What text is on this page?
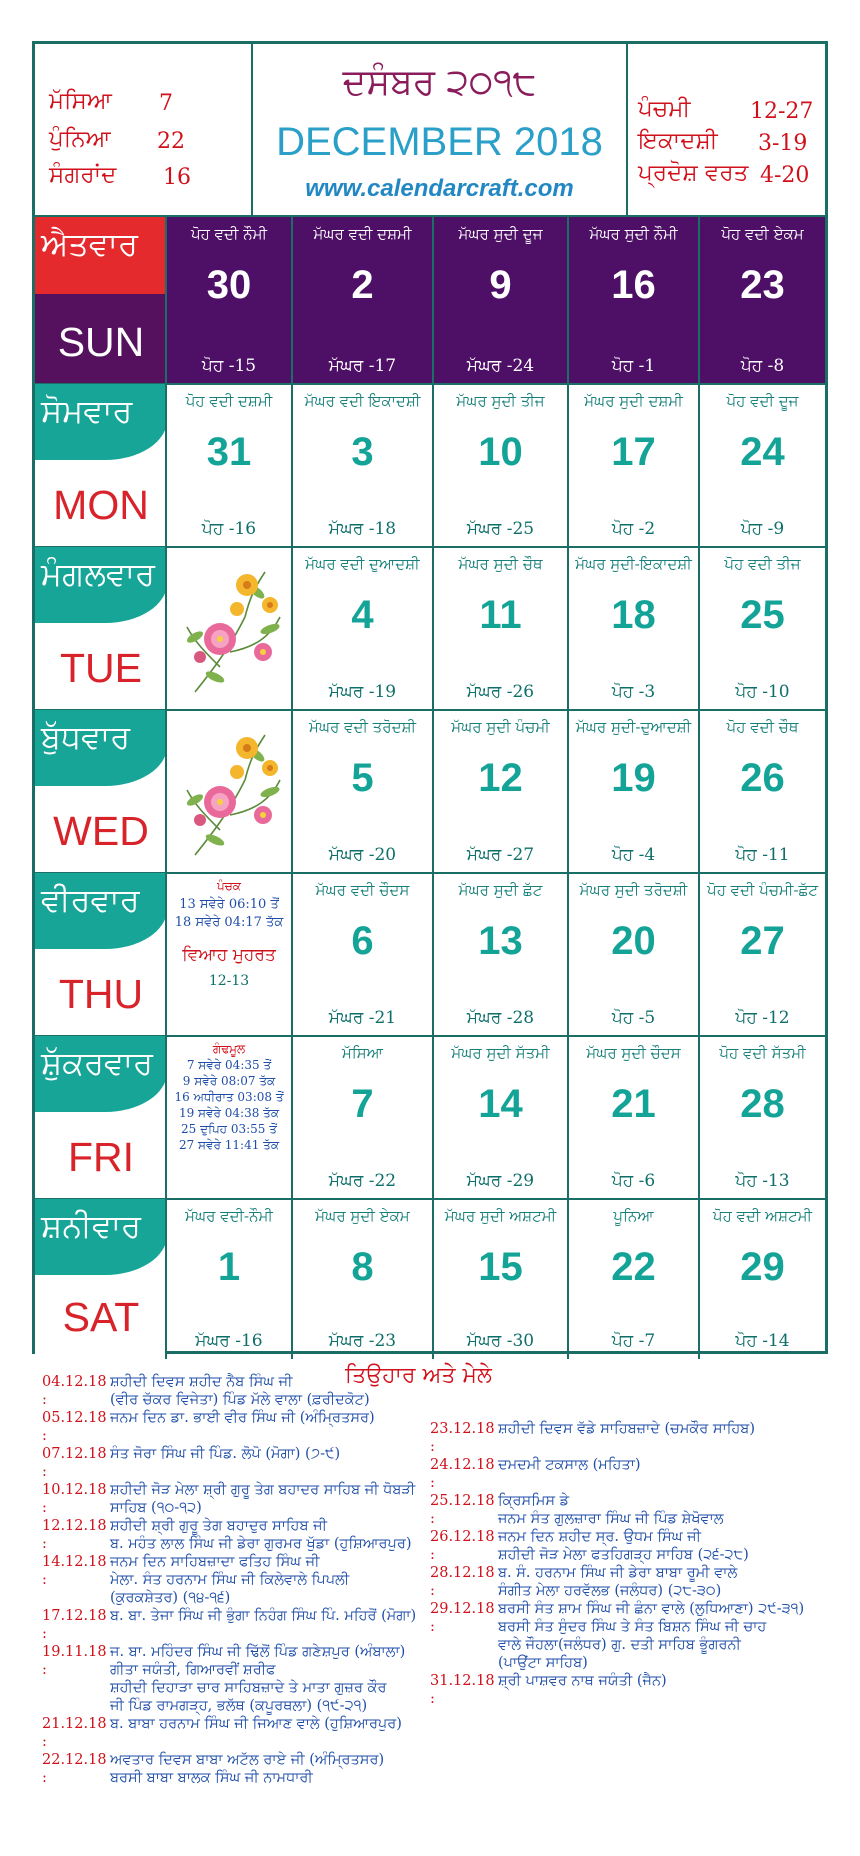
ਮੱਸਿਆ 7
ਪੁੰਨਿਆ 22
ਸੰਗਰਾਂਦ 16
ਦਸੰਬਰ ੨੦੧੮
DECEMBER 2018
www.calendarcraft.com
ਪੰਚਮੀ	12-27
ਇਕਾਦਸ਼ੀ 3-19
ਪ੍ਰਦੋਸ਼ ਵਰਤ 4-20
ਐਤਵਾਰ
SUN
ਪੋਹ ਵਦੀ ਨੌਮੀ
30
ਪੋਹ -15
ਮੱਘਰ ਵਦੀ ਦਸ਼ਮੀ
2
ਮੱਘਰ -17
ਮੱਘਰ ਸੁਦੀ ਦੂਜ
9
ਮੱਘਰ -24
ਮੱਘਰ ਸੁਦੀ ਨੌਮੀ
16
ਪੋਹ -1
ਪੋਹ ਵਦੀ ਏਕਮ
23
ਪੋਹ -8
ਸੋਮਵਾਰ
MON
ਪੋਹ ਵਦੀ ਦਸ਼ਮੀ
31
ਪੋਹ -16
ਮੱਘਰ ਵਦੀ ਇਕਾਦਸ਼ੀ
3
ਮੱਘਰ -18
ਮੱਘਰ ਸੁਦੀ ਤੀਜ
10
ਮੱਘਰ -25
ਮੱਘਰ ਸੁਦੀ ਦਸ਼ਮੀ
17
ਪੋਹ -2
ਪੋਹ ਵਦੀ ਦੂਜ
24
ਪੋਹ -9
ਮੰਗਲਵਾਰ
TUE
ਮੱਘਰ ਵਦੀ ਦੁਆਦਸ਼ੀ
4
ਮੱਘਰ -19
ਮੱਘਰ ਸੁਦੀ ਚੌਥ
11
ਮੱਘਰ -26
ਮੱਘਰ ਸੁਦੀ-ਇਕਾਦਸ਼ੀ
18
ਪੋਹ -3
ਪੋਹ ਵਦੀ ਤੀਜ
25
ਪੋਹ -10
ਬੁੱਧਵਾਰ
WED
ਮੱਘਰ ਵਦੀ ਤਰੋਦਸ਼ੀ
5
ਮੱਘਰ -20
ਮੱਘਰ ਸੁਦੀ ਪੰਚਮੀ
12
ਮੱਘਰ -27
ਮੱਘਰ ਸੁਦੀ-ਦੁਆਦਸ਼ੀ
19
ਪੋਹ -4
ਪੋਹ ਵਦੀ ਚੌਥ
26
ਪੋਹ -11
ਵੀਰਵਾਰ
THU
ਪੰਚਕ
13 ਸਵੇਰੇ 06:10 ਤੋਂ
18 ਸਵੇਰੇ 04:17 ਤੱਕ
ਵਿਆਹ ਮੁਹਰਤ
12-13
ਮੱਘਰ ਵਦੀ ਚੌਦਸ
6
ਮੱਘਰ -21
ਮੱਘਰ ਸੁਦੀ ਛੱਟ
13
ਮੱਘਰ -28
ਮੱਘਰ ਸੁਦੀ ਤਰੋਦਸ਼ੀ
20
ਪੋਹ -5
ਪੋਹ ਵਦੀ ਪੰਚਮੀ-ਛੱਟ
27
ਪੋਹ -12
ਸ਼ੁੱਕਰਵਾਰ
FRI
ਗੰਢਮੂਲ
7 ਸਵੇਰੇ 04:35 ਤੋਂ
9 ਸਵੇਰੇ 08:07 ਤੱਕ
16 ਅਧੀਰਾਤ 03:08 ਤੋਂ
19 ਸਵੇਰੇ 04:38 ਤੱਕ
25 ਦੁਪਿਹ 03:55 ਤੋਂ
27 ਸਵੇਰੇ 11:41 ਤੱਕ
ਮੱਸਿਆ
7
ਮੱਘਰ -22
ਮੱਘਰ ਸੁਦੀ ਸੱਤਮੀ
14
ਮੱਘਰ -29
ਮੱਘਰ ਸੁਦੀ ਚੌਦਸ
21
ਪੋਹ -6
ਪੋਹ ਵਦੀ ਸੱਤਮੀ
28
ਪੋਹ -13
ਸ਼ਨੀਵਾਰ
SAT
ਮੱਘਰ ਵਦੀ-ਨੌਮੀ
1
ਮੱਘਰ -16
ਮੱਘਰ ਸੁਦੀ ਏਕਮ
8
ਮੱਘਰ -23
ਮੱਘਰ ਸੁਦੀ ਅਸ਼ਟਮੀ
15
ਮੱਘਰ -30
ਪੂਨਿਆ
22
ਪੋਹ -7
ਪੋਹ ਵਦੀ ਅਸ਼ਟਮੀ
29
ਪੋਹ -14
ਤਿਉਹਾਰ ਅਤੇ ਮੇਲੇ
04.12.18 :
ਸ਼ਹੀਦੀ ਦਿਵਸ ਸ਼ਹੀਦ ਨੈਬ ਸਿੰਘ ਜੀ
(ਵੀਰ ਚੱਕਰ ਵਿਜੇਤਾ) ਪਿੰਡ ਮੱਲੇ ਵਾਲਾ (ਫ਼ਰੀਦਕੋਟ)
05.12.18 :
ਜਨਮ ਦਿਨ ਡਾ. ਭਾਈ ਵੀਰ ਸਿੰਘ ਜੀ (ਅੰਮ੍ਰਿਤਸਰ)
07.12.18 :
ਸੰਤ ਜੋਰਾ ਸਿੰਘ ਜੀ ਪਿੰਡ. ਲੋਪੋ (ਮੋਗਾ) (੭-੯)
10.12.18 :
ਸ਼ਹੀਦੀ ਜੋੜ ਮੇਲਾ ਸ਼੍ਰੀ ਗੁਰੂ ਤੇਗ ਬਹਾਦਰ ਸਾਹਿਬ ਜੀ ਧੋਬੜੀ
ਸਾਹਿਬ (੧੦-੧੨)
12.12.18 :
ਸ਼ਹੀਦੀ ਸ਼੍ਰੀ ਗੁਰੂ ਤੇਗ ਬਹਾਦੁਰ ਸਾਹਿਬ ਜੀ
ਬ. ਮਹੰਤ ਲਾਲ ਸਿੰਘ ਜੀ ਡੇਰਾ ਗੁਰਮਰ ਖੁੱਡਾ (ਹੁਸ਼ਿਆਰਪੁਰ)
14.12.18 :
ਜਨਮ ਦਿਨ ਸਾਹਿਬਜ਼ਾਦਾ ਫਤਿਹ ਸਿੰਘ ਜੀ
ਮੇਲਾ. ਸੰਤ ਹਰਨਾਮ ਸਿੰਘ ਜੀ ਕਿਲੇਵਾਲੇ ਪਿਪਲੀ
(ਕੁਰਕਸ਼ੇਤਰ) (੧੪-੧੬)
17.12.18 :
ਬ. ਬਾ. ਤੇਜਾ ਸਿੰਘ ਜੀ ਭੁੰਗਾ ਨਿਹੰਗ ਸਿੰਘ ਪਿੰ. ਮਹਿਰੋਂ (ਮੋਗਾ)
19.11.18 :
ਜ. ਬਾ. ਮਹਿੰਦਰ ਸਿੰਘ ਜੀ ਢਿੱਲੋਂ ਪਿੰਡ ਗਣੇਸ਼ਪੁਰ (ਅੰਬਾਲਾ)
ਗੀਤਾ ਜਯੰਤੀ, ਗਿਆਰਵੀਂ ਸ਼ਰੀਫ
ਸ਼ਹੀਦੀ ਦਿਹਾੜਾ ਚਾਰ ਸਾਹਿਬਜ਼ਾਦੇ ਤੇ ਮਾਤਾ ਗੁਜ਼ਰ ਕੌਰ
ਜੀ ਪਿੰਡ ਰਾਮਗੜ੍ਹ, ਭਲੱਥ (ਕਪੂਰਥਲਾ) (੧੯-੨੧)
21.12.18 :
ਬ. ਬਾਬਾ ਹਰਨਾਮ ਸਿੰਘ ਜੀ ਜਿਆਣ ਵਾਲੇ (ਹੁਸ਼ਿਆਰਪੁਰ)
22.12.18 :
ਅਵਤਾਰ ਦਿਵਸ ਬਾਬਾ ਅਟੱਲ ਰਾਏ ਜੀ (ਅੰਮ੍ਰਿਤਸਰ)
ਬਰਸੀ ਬਾਬਾ ਬਾਲਕ ਸਿੰਘ ਜੀ ਨਾਮਧਾਰੀ
23.12.18 :
ਸ਼ਹੀਦੀ ਦਿਵਸ ਵੱਡੇ ਸਾਹਿਬਜ਼ਾਦੇ (ਚਮਕੌਰ ਸਾਹਿਬ)
24.12.18 :
ਦਮਦਮੀ ਟਕਸਾਲ (ਮਹਿਤਾ)
25.12.18 :
ਕ੍ਰਿਸਮਿਸ ਡੇ
ਜਨਮ ਸੰਤ ਗੁਲਜ਼ਾਰਾ ਸਿੰਘ ਜੀ ਪਿੰਡ ਸ਼ੇਖੋਵਾਲ
26.12.18 :
ਜਨਮ ਦਿਨ ਸ਼ਹੀਦ ਸ੍ਰ. ਉਧਮ ਸਿੰਘ ਜੀ
ਸ਼ਹੀਦੀ ਜੋੜ ਮੇਲਾ ਫਤਹਿਗੜ੍ਹ ਸਾਹਿਬ (੨੬-੨੮)
28.12.18 :
ਬ. ਸੰ. ਹਰਨਾਮ ਸਿੰਘ ਜੀ ਡੇਰਾ ਬਾਬਾ ਰੂਮੀ ਵਾਲੇ
ਸੰਗੀਤ ਮੇਲਾ ਹਰਵੱਲਭ (ਜਲੰਧਰ) (੨੮-੩੦)
29.12.18 :
ਬਰਸੀ ਸੰਤ ਸ਼ਾਮ ਸਿੰਘ ਜੀ ਛੰਨਾ ਵਾਲੇ (ਲੁਧਿਆਣਾ) ੨੯-੩੧)
ਬਰਸੀ ਸੰਤ ਸੁੰਦਰ ਸਿੰਘ ਤੇ ਸੰਤ ਬਿਸ਼ਨ ਸਿੰਘ ਜੀ ਚਾਹ
ਵਾਲੇ ਜੌਹਲਾ(ਜਲੰਧਰ) ਗੁ. ਦਤੀ ਸਾਹਿਬ ਭੂੰਗਰਨੀ
(ਪਾਉਂਟਾ ਸਾਹਿਬ)
31.12.18 :
ਸ਼੍ਰੀ ਪਾਸ਼ਵਰ ਨਾਥ ਜਯੰਤੀ (ਜੈਨ)
